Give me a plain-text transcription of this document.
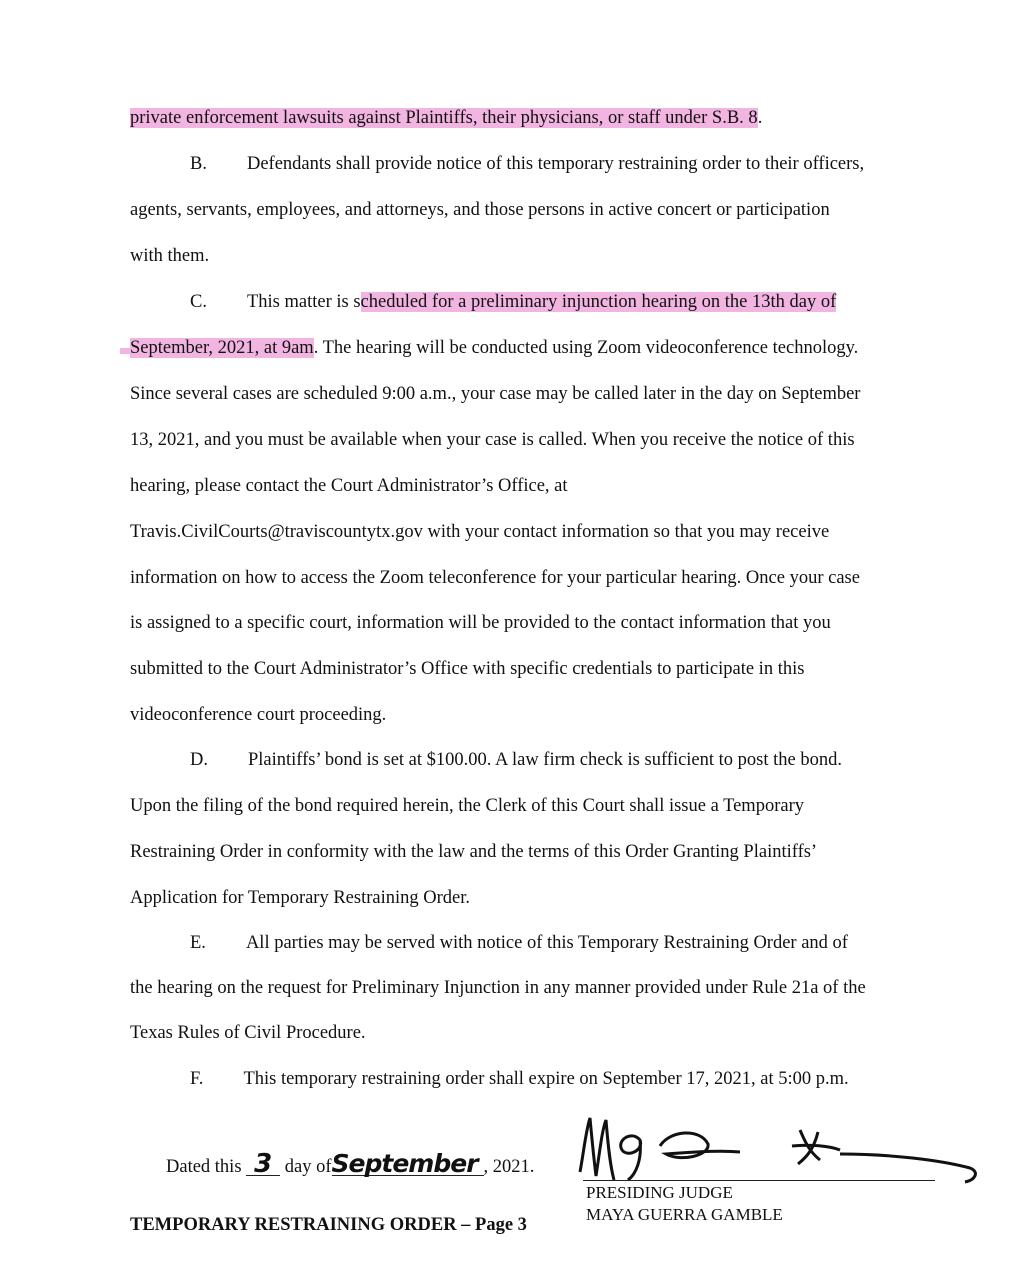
private enforcement lawsuits against Plaintiffs, their physicians, or staff under S.B. 8.
B. Defendants shall provide notice of this temporary restraining order to their officers,
agents, servants, employees, and attorneys, and those persons in active concert or participation
with them.
C. This matter is scheduled for a preliminary injunction hearing on the 13th day of
September, 2021, at 9am. The hearing will be conducted using Zoom videoconference technology.
Since several cases are scheduled 9:00 a.m., your case may be called later in the day on September
13, 2021, and you must be available when your case is called. When you receive the notice of this
hearing, please contact the Court Administrator’s Office, at
Travis.CivilCourts@traviscountytx.gov with your contact information so that you may receive
information on how to access the Zoom teleconference for your particular hearing. Once your case
is assigned to a specific court, information will be provided to the contact information that you
submitted to the Court Administrator’s Office with specific credentials to participate in this
videoconference court proceeding.
D. Plaintiffs’ bond is set at $100.00. A law firm check is sufficient to post the bond.
Upon the filing of the bond required herein, the Clerk of this Court shall issue a Temporary
Restraining Order in conformity with the law and the terms of this Order Granting Plaintiffs’
Application for Temporary Restraining Order.
E. All parties may be served with notice of this Temporary Restraining Order and of
the hearing on the request for Preliminary Injunction in any manner provided under Rule 21a of the
Texas Rules of Civil Procedure.
F. This temporary restraining order shall expire on September 17, 2021, at 5:00 p.m.
Dated this 3 day ofSeptember , 2021.
PRESIDING JUDGE
MAYA GUERRA GAMBLE
TEMPORARY RESTRAINING ORDER – Page 3
